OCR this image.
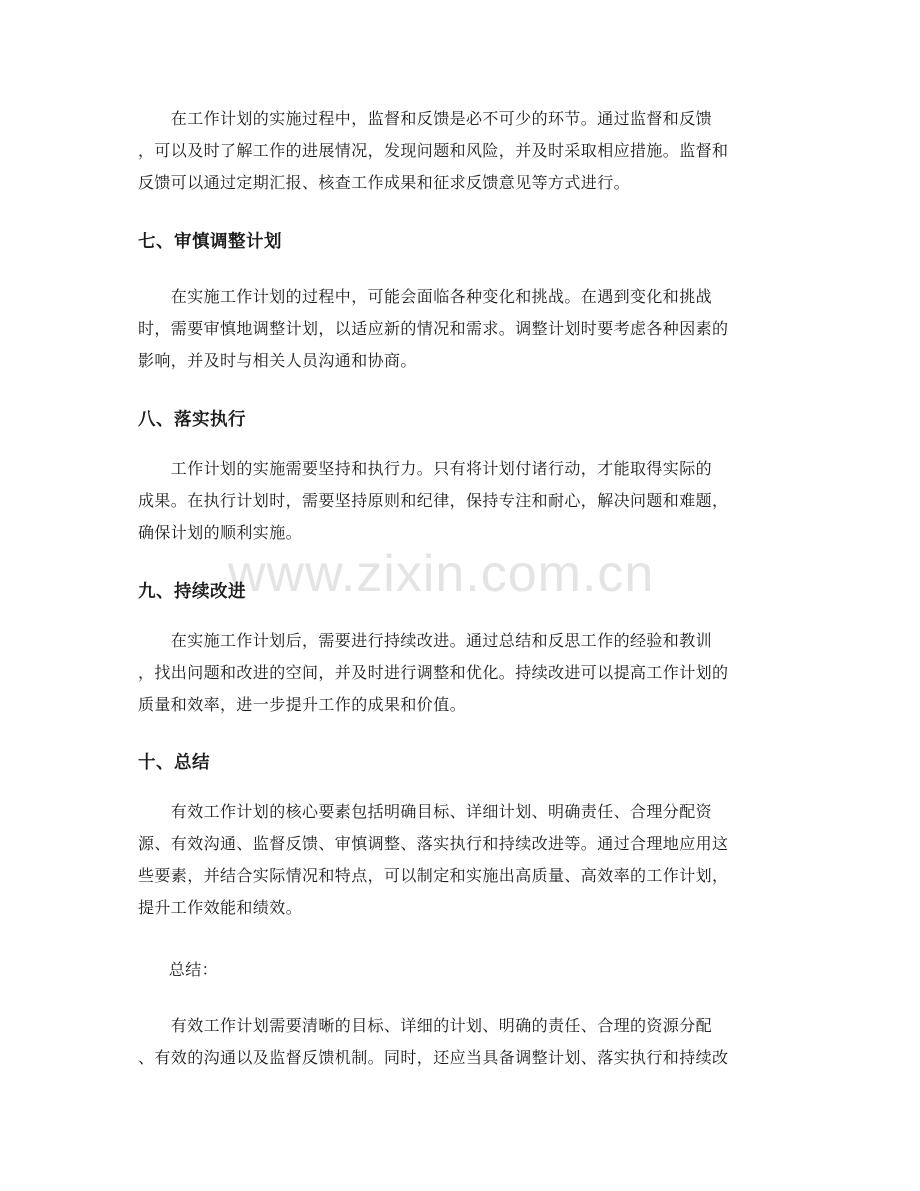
www.zixin.com.cn
　　在工作计划的实施过程中，监督和反馈是必不可少的环节。通过监督和反馈
，可以及时了解工作的进展情况，发现问题和风险，并及时采取相应措施。监督和
反馈可以通过定期汇报、核查工作成果和征求反馈意见等方式进行。
七、审慎调整计划
　　在实施工作计划的过程中，可能会面临各种变化和挑战。在遇到变化和挑战
时，需要审慎地调整计划，以适应新的情况和需求。调整计划时要考虑各种因素的
影响，并及时与相关人员沟通和协商。
八、落实执行
　　工作计划的实施需要坚持和执行力。只有将计划付诸行动，才能取得实际的
成果。在执行计划时，需要坚持原则和纪律，保持专注和耐心，解决问题和难题，
确保计划的顺利实施。
九、持续改进
　　在实施工作计划后，需要进行持续改进。通过总结和反思工作的经验和教训
，找出问题和改进的空间，并及时进行调整和优化。持续改进可以提高工作计划的
质量和效率，进一步提升工作的成果和价值。
十、总结
　　有效工作计划的核心要素包括明确目标、详细计划、明确责任、合理分配资
源、有效沟通、监督反馈、审慎调整、落实执行和持续改进等。通过合理地应用这
些要素，并结合实际情况和特点，可以制定和实施出高质量、高效率的工作计划，
提升工作效能和绩效。
　　总结：
　　有效工作计划需要清晰的目标、详细的计划、明确的责任、合理的资源分配
、有效的沟通以及监督反馈机制。同时，还应当具备调整计划、落实执行和持续改
